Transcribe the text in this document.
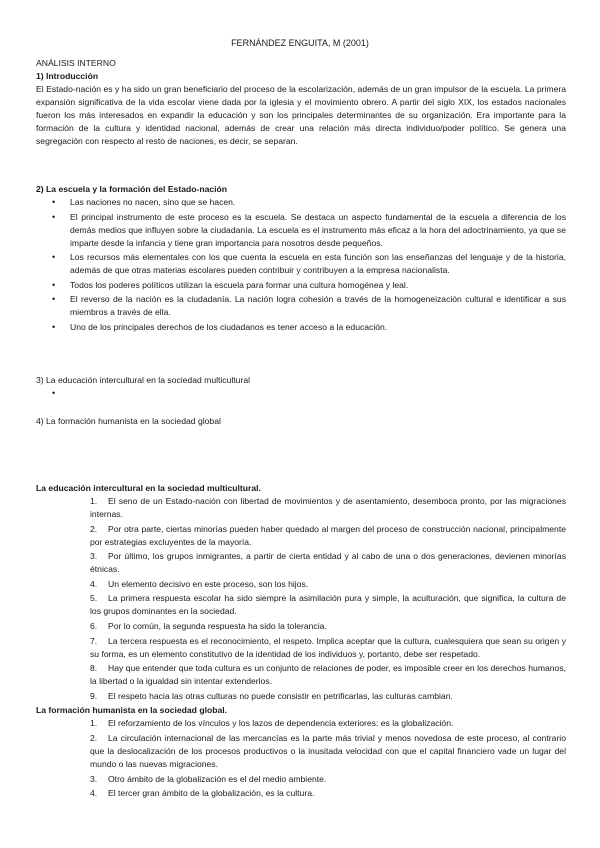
FERNÁNDEZ ENGUITA, M (2001)

ANÁLISIS INTERNO

1) Introducción

El Estado-nación es y ha sido un gran beneficiario del proceso de la escolarización, además de un gran impulsor de la escuela. La primera expansión significativa de la vida escolar viene dada por la iglesia y el movimiento obrero. A partir del siglo XIX, los estados nacionales fueron los más interesados en expandir la educación y son los principales determinantes de su organización. Era importante para la formación de la cultura y identidad nacional, además de crear una relación más directa individuo/poder político. Se genera una segregación con respecto al resto de naciones, es decir, se separan.

2) La escuela y la formación del Estado-nación

• Las naciones no nacen, sino que se hacen.
• El principal instrumento de este proceso es la escuela. Se destaca un aspecto fundamental de la escuela a diferencia de los demás medios que influyen sobre la ciudadanía. La escuela es el instrumento más eficaz a la hora del adoctrinamiento, ya que se imparte desde la infancia y tiene gran importancia para nosotros desde pequeños.
• Los recursos más elementales con los que cuenta la escuela en esta función son las enseñanzas del lenguaje y de la historia, además de que otras materias escolares pueden contribuir y contribuyen a la empresa nacionalista.
• Todos los poderes políticos utilizan la escuela para formar una cultura homogénea y leal.
• El reverso de la nación es la ciudadanía. La nación logra cohesión a través de la homogeneización cultural e identificar a sus miembros a través de ella.
• Uno de los principales derechos de los ciudadanos es tener acceso a la educación.

3) La educación intercultural en la sociedad multicultural

•

4) La formación humanista en la sociedad global

La educación intercultural en la sociedad multicultural.

1. El seno de un Estado-nación con libertad de movimientos y de asentamiento, desemboca pronto, por las migraciones internas.
2. Por otra parte, ciertas minorías pueden haber quedado al margen del proceso de construcción nacional, principalmente por estrategias excluyentes de la mayoría.
3. Por último, los grupos inmigrantes, a partir de cierta entidad y al cabo de una o dos generaciones, devienen minorías étnicas.
4. Un elemento decisivo en este proceso, son los hijos.
5. La primera respuesta escolar ha sido siempre la asimilación pura y simple, la aculturación, que significa, la cultura de los grupos dominantes en la sociedad.
6. Por lo común, la segunda respuesta ha sido la tolerancia.
7. La tercera respuesta es el reconocimiento, el respeto. Implica aceptar que la cultura, cualesquiera que sean su origen y su forma, es un elemento constitutivo de la identidad de los individuos y, portanto, debe ser respetado.
8. Hay que entender que toda cultura es un conjunto de relaciones de poder, es imposible creer en los derechos humanos, la libertad o la igualdad sin intentar extenderlos.
9. El respeto hacia las otras culturas no puede consistir en petrificarlas, las culturas cambian.

La formación humanista en la sociedad global.

1. El reforzamiento de los vínculos y los lazos de dependencia exteriores: es la globalización.
2. La circulación internacional de las mercancías es la parte más trivial y menos novedosa de este proceso, al contrario que la deslocalización de los procesos productivos o la inusitada velocidad con que el capital financiero vade un lugar del mundo o las nuevas migraciones.
3. Otro ámbito de la globalización es el del medio ambiente.
4. El tercer gran ámbito de la globalización, es la cultura.
